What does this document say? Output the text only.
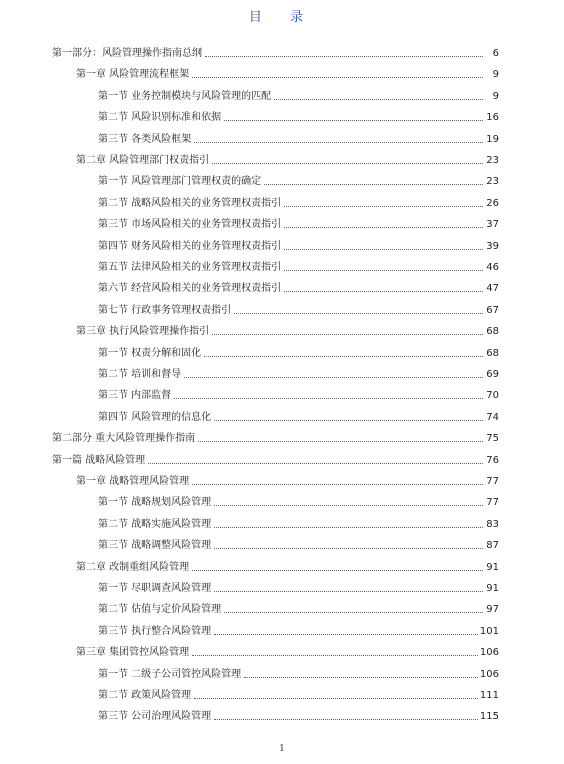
目 录
第一部分：风险管理操作指南总纲	6
第一章 风险管理流程框架	9
第一节 业务控制模块与风险管理的匹配	9
第二节 风险识别标准和依据	16
第三节 各类风险框架	19
第二章 风险管理部门权责指引	23
第一节 风险管理部门管理权责的确定	23
第二节 战略风险相关的业务管理权责指引	26
第三节 市场风险相关的业务管理权责指引	37
第四节 财务风险相关的业务管理权责指引	39
第五节 法律风险相关的业务管理权责指引	46
第六节 经营风险相关的业务管理权责指引	47
第七节 行政事务管理权责指引	67
第三章 执行风险管理操作指引	68
第一节 权责分解和固化	68
第二节 培训和督导	69
第三节 内部监督	70
第四节 风险管理的信息化	74
第二部分 重大风险管理操作指南	75
第一篇 战略风险管理	76
第一章 战略管理风险管理	77
第一节 战略规划风险管理	77
第二节 战略实施风险管理	83
第三节 战略调整风险管理	87
第二章 改制重组风险管理	91
第一节 尽职调查风险管理	91
第二节 估值与定价风险管理	97
第三节 执行整合风险管理	101
第三章 集团管控风险管理	106
第一节 二级子公司管控风险管理	106
第二节 政策风险管理	111
第三节 公司治理风险管理	115
1
